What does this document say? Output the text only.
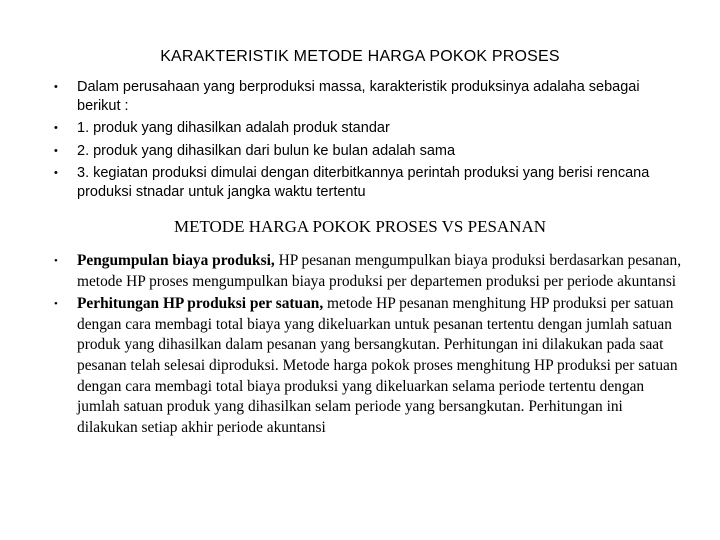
KARAKTERISTIK METODE HARGA POKOK PROSES
• Dalam perusahaan yang berproduksi massa, karakteristik produksinya adalaha sebagai berikut :
• 1. produk yang dihasilkan adalah produk standar
• 2. produk yang dihasilkan dari bulun ke bulan adalah sama
• 3. kegiatan produksi dimulai dengan diterbitkannya perintah produksi yang berisi rencana produksi stnadar untuk jangka waktu tertentu
METODE HARGA POKOK PROSES VS PESANAN
• Pengumpulan biaya produksi, HP pesanan mengumpulkan biaya produksi berdasarkan pesanan, metode HP proses mengumpulkan biaya produksi per departemen produksi per periode akuntansi
• Perhitungan HP produksi per satuan, metode HP pesanan menghitung HP produksi per satuan dengan cara membagi total biaya yang dikeluarkan untuk pesanan tertentu dengan jumlah satuan produk yang dihasilkan dalam pesanan yang bersangkutan. Perhitungan ini dilakukan pada saat pesanan telah selesai diproduksi. Metode harga pokok proses menghitung HP produksi per satuan dengan cara membagi total biaya produksi yang dikeluarkan selama periode tertentu dengan jumlah satuan produk yang dihasilkan selam periode yang bersangkutan. Perhitungan ini dilakukan setiap akhir periode akuntansi
